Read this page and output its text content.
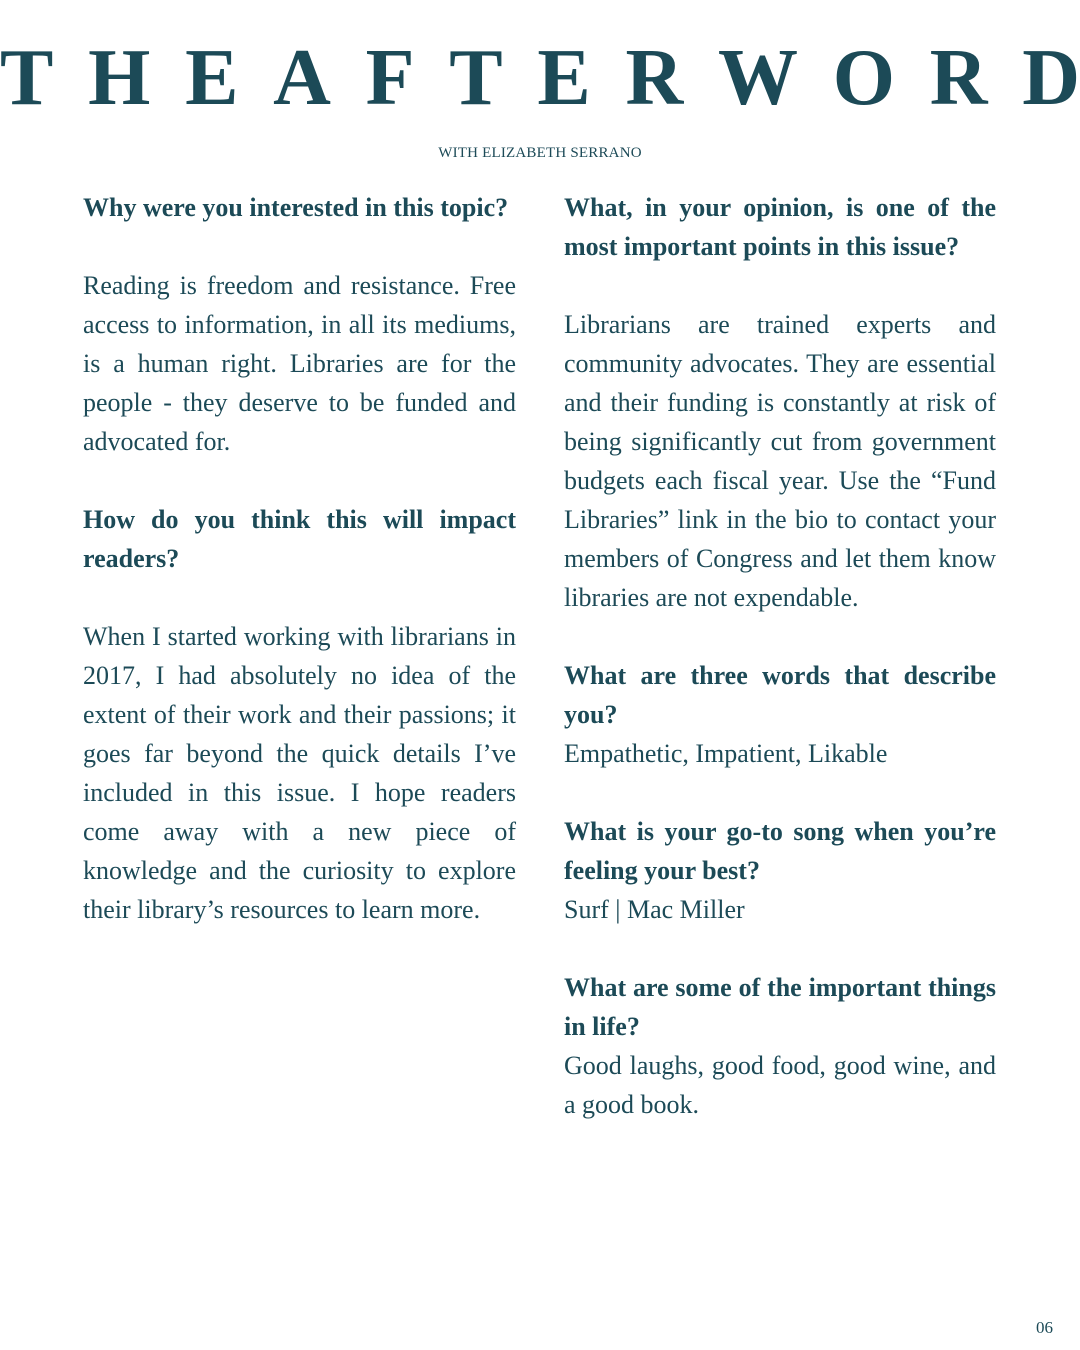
T H E A F T E R W O R D
WITH ELIZABETH SERRANO

Why were you interested in this topic?

Reading is freedom and resistance. Free access to information, in all its mediums, is a human right. Libraries are for the people - they deserve to be funded and advocated for.

How do you think this will impact readers?

When I started working with librarians in 2017, I had absolutely no idea of the extent of their work and their passions; it goes far beyond the quick details I’ve included in this issue. I hope readers come away with a new piece of knowledge and the curiosity to explore their library’s resources to learn more.

What, in your opinion, is one of the most important points in this issue?

Librarians are trained experts and community advocates. They are essential and their funding is constantly at risk of being significantly cut from government budgets each fiscal year. Use the “Fund Libraries” link in the bio to contact your members of Congress and let them know libraries are not expendable.

What are three words that describe you?

Empathetic, Impatient, Likable

What is your go-to song when you’re feeling your best?

Surf | Mac Miller

What are some of the important things in life?

Good laughs, good food, good wine, and a good book.

06
